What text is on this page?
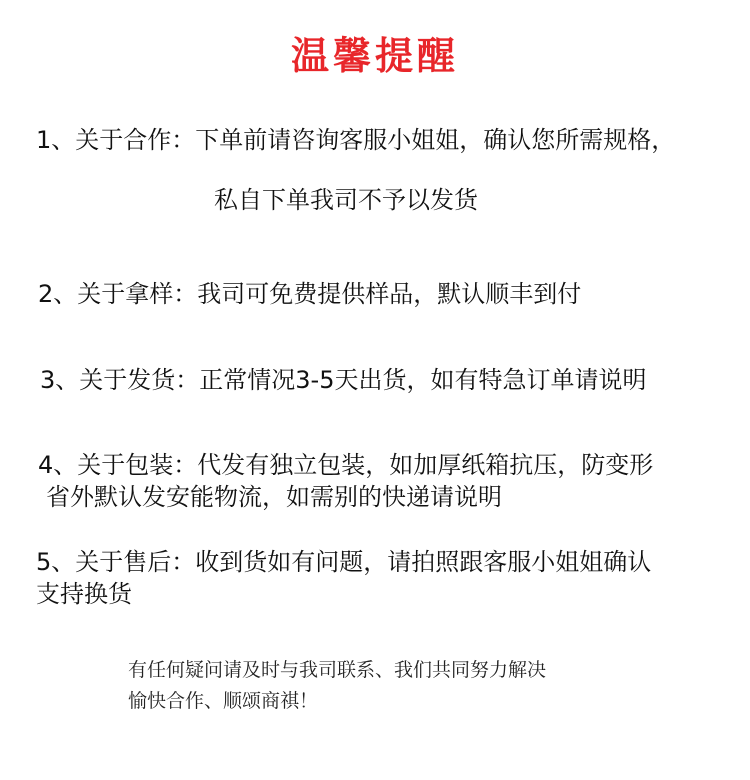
温馨提醒
1、关于合作：下单前请咨询客服小姐姐，确认您所需规格，
私自下单我司不予以发货
2、关于拿样：我司可免费提供样品，默认顺丰到付
3、关于发货：正常情况3-5天出货，如有特急订单请说明
4、关于包装：代发有独立包装，如加厚纸箱抗压，防变形
省外默认发安能物流，如需别的快递请说明
5、关于售后：收到货如有问题，请拍照跟客服小姐姐确认
支持换货
有任何疑问请及时与我司联系、我们共同努力解决
愉快合作、顺颂商祺！
